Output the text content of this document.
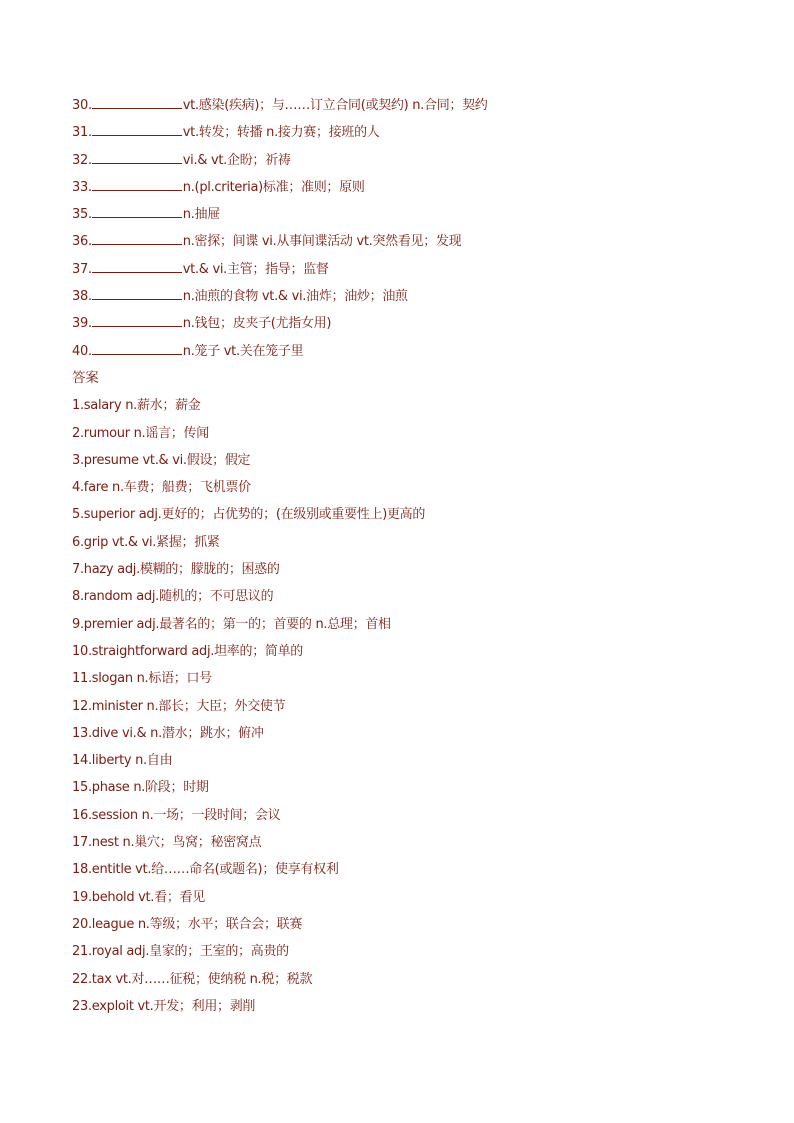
30.	vt.感染(疾病)；与……订立合同(或契约) n.合同；契约
31.	vt.转发；转播 n.接力赛；接班的人
32.	vi.& vt.企盼；祈祷
33.	n.(pl.criteria)标准；准则；原则
35.	n.抽屉
36.	n.密探；间谍 vi.从事间谍活动 vt.突然看见；发现
37.	vt.& vi.主管；指导；监督
38.	n.油煎的食物 vt.& vi.油炸；油炒；油煎
39.	n.钱包；皮夹子(尤指女用)
40.	n.笼子 vt.关在笼子里
答案
1.salary n.薪水；薪金
2.rumour n.谣言；传闻
3.presume vt.& vi.假设；假定
4.fare n.车费；船费；飞机票价
5.superior adj.更好的；占优势的；(在级别或重要性上)更高的
6.grip vt.& vi.紧握；抓紧
7.hazy adj.模糊的；朦胧的；困惑的
8.random adj.随机的；不可思议的
9.premier adj.最著名的；第一的；首要的 n.总理；首相
10.straightforward adj.坦率的；简单的
11.slogan n.标语；口号
12.minister n.部长；大臣；外交使节
13.dive vi.& n.潜水；跳水；俯冲
14.liberty n.自由
15.phase n.阶段；时期
16.session n.一场；一段时间；会议
17.nest n.巢穴；鸟窝；秘密窝点
18.entitle vt.给……命名(或题名)；使享有权利
19.behold vt.看；看见
20.league n.等级；水平；联合会；联赛
21.royal adj.皇家的；王室的；高贵的
22.tax vt.对……征税；使纳税 n.税；税款
23.exploit vt.开发；利用；剥削
